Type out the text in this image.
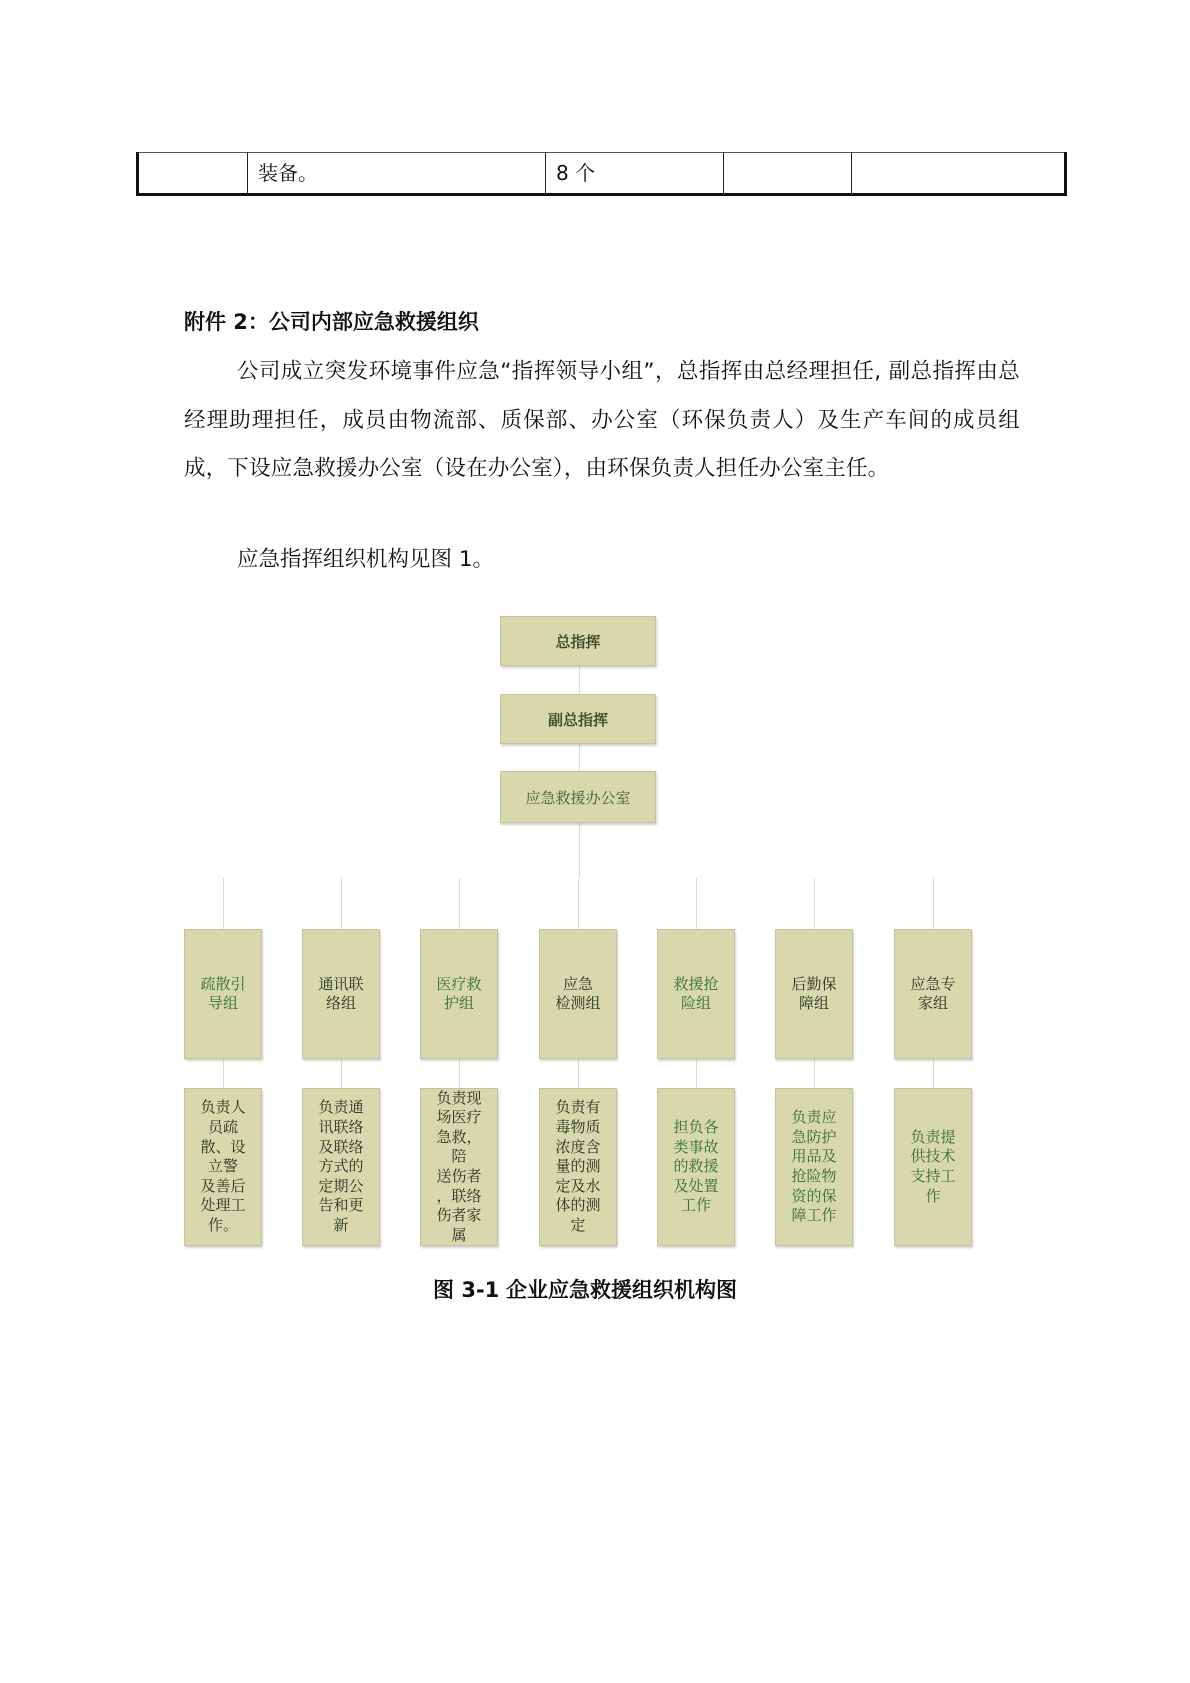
	装备。	8 个		
附件 2：公司内部应急救援组织

公司成立突发环境事件应急“指挥领导小组”，总指挥由总经理担任, 副总指挥由总经理助理担任，成员由物流部、质保部、办公室（环保负责人）及生产车间的成员组成，下设应急救援办公室（设在办公室），由环保负责人担任办公室主任。

应急指挥组织机构见图 1。

总指挥
副总指挥
应急救援办公室
疏散引
导组
负责人
员疏
散、设
立警
及善后
处理工
作。
通讯联
络组
负责通
讯联络
及联络
方式的
定期公
告和更
新
医疗救
护组
负责现
场医疗
急救，
陪
送伤者
，联络
伤者家
属
应急
检测组
负责有
毒物质
浓度含
量的测
定及水
体的测
定
救援抢
险组
担负各
类事故
的救援
及处置
工作
后勤保
障组
负责应
急防护
用品及
抢险物
资的保
障工作
应急专
家组
负责提
供技术
支持工
作

图 3-1 企业应急救援组织机构图
